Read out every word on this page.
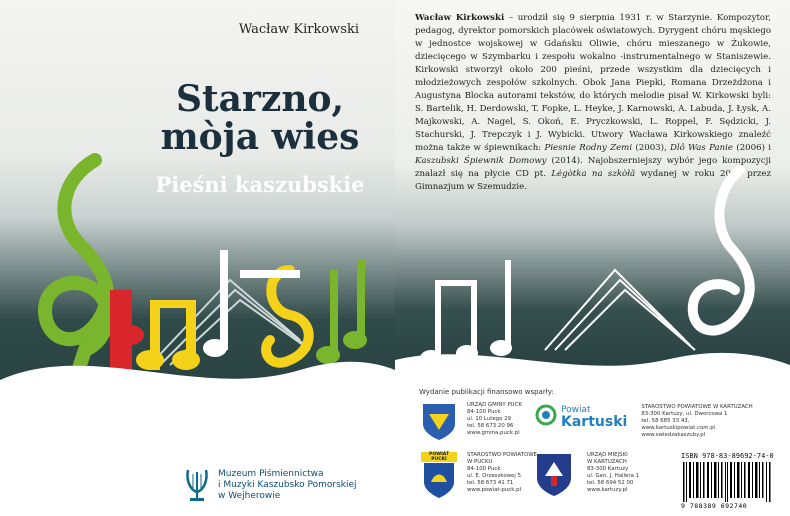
Wacław Kirkowski
Starzno,
mòja wies
Pieśni kaszubskie
Muzeum Piśmiennictwa
i Muzyki Kaszubsko Pomorskiej
w Wejherowie
Wacław Kirkowski – urodził się 9 sierpnia 1931 r. w Starzynie. Kompozytor, pedagog, dyrektor pomorskich placówek oświatowych. Dyrygent chóru męskiego w jednostce wojskowej w Gdańsku Oliwie, chóru mieszanego w Żukowie, dziecięcego w Szymbarku i zespołu wokalno -instrumentalnego w Staniszewie. Kirkowski stworzył około 200 pieśni, przede wszystkim dla dziecięcych i młodzieżowych zespołów szkolnych. Obok Jana Piepki, Romana Drzeżdżona i Augustyna Blocka autorami tekstów, do których melodie pisał W. Kirkowski byli: S. Bartelik, H. Derdowski, T. Fopke, L. Heyke, J. Karnowski, A. Labuda, J. Łysk, A. Majkowski, A. Nagel, S. Okoń, E. Pryczkowski, L. Roppel, F. Sędzicki, J. Stachurski, J. Trepczyk i J. Wybicki. Utwory Wacława Kirkowskiego znaleźć można także w śpiewnikach: Piesnie Rodny Zemi (2003), Dlô Was Panie (2006) i Kaszubski Śpiewnik Domowy (2014). Najobszerniejszy wybór jego kompozycji znalazł się na płycie CD pt. Lėgòtka na szkòłã wydanej w roku 2008 przez Gimnazjum w Szemudzie.
Wydanie publikacji finansowo wsparły:
URZĄD GMINY PUCK
84-100 Puck
ul. 10 Lutego 29
tel. 58 673 20 96
www.gmina.puck.pl
Powiat
Kartuski
STAROSTWO POWIATOWE W KARTUZACH
83-300 Kartuzy, ul. Dworcowa 1
tel. 58 685 33 43,
www.kartuskipowiat.com.pl
www.swiedzakaszuby.pl
POWIAT PUCKI
STAROSTWO POWIATOWE
W PUCKU
84-100 Puck
ul. E. Orzeszkowej 5
tel. 58 673 41 71
www.powiat-puck.pl
URZĄD MIEJSKI
W KARTUZACH
83-300 Kartuzy
ul. Gen. J. Hallera 1
tel. 58 694 52 00
www.kartuzy.pl
ISBN 978-83-89692-74-0
9 788389 692740
